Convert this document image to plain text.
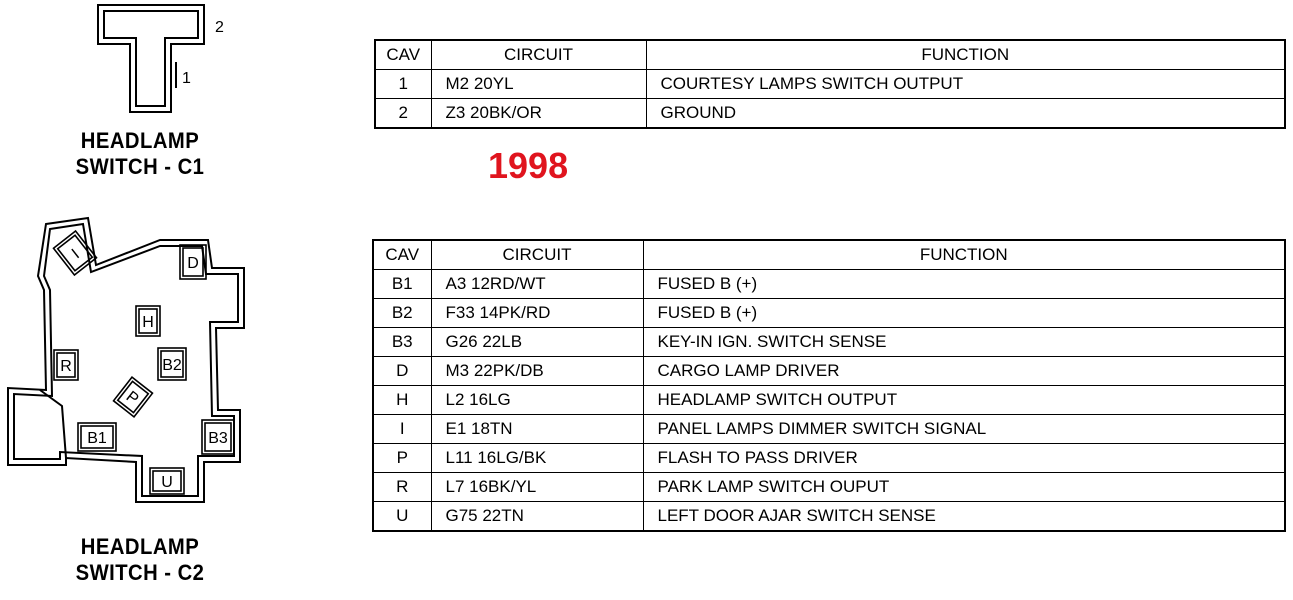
2
1
HEADLAMP
SWITCH - C1
I
D
H
R	B2
P
B1	B3
U
HEADLAMP
SWITCH - C2
1998
CAV	CIRCUIT	FUNCTION
1	M2 20YL	COURTESY LAMPS SWITCH OUTPUT
2	Z3 20BK/OR	GROUND
CAV	CIRCUIT	FUNCTION
B1	A3 12RD/WT	FUSED B (+)
B2	F33 14PK/RD	FUSED B (+)
B3	G26 22LB	KEY-IN IGN. SWITCH SENSE
D	M3 22PK/DB	CARGO LAMP DRIVER
H	L2 16LG	HEADLAMP SWITCH OUTPUT
I	E1 18TN	PANEL LAMPS DIMMER SWITCH SIGNAL
P	L11 16LG/BK	FLASH TO PASS DRIVER
R	L7 16BK/YL	PARK LAMP SWITCH OUPUT
U	G75 22TN	LEFT DOOR AJAR SWITCH SENSE
